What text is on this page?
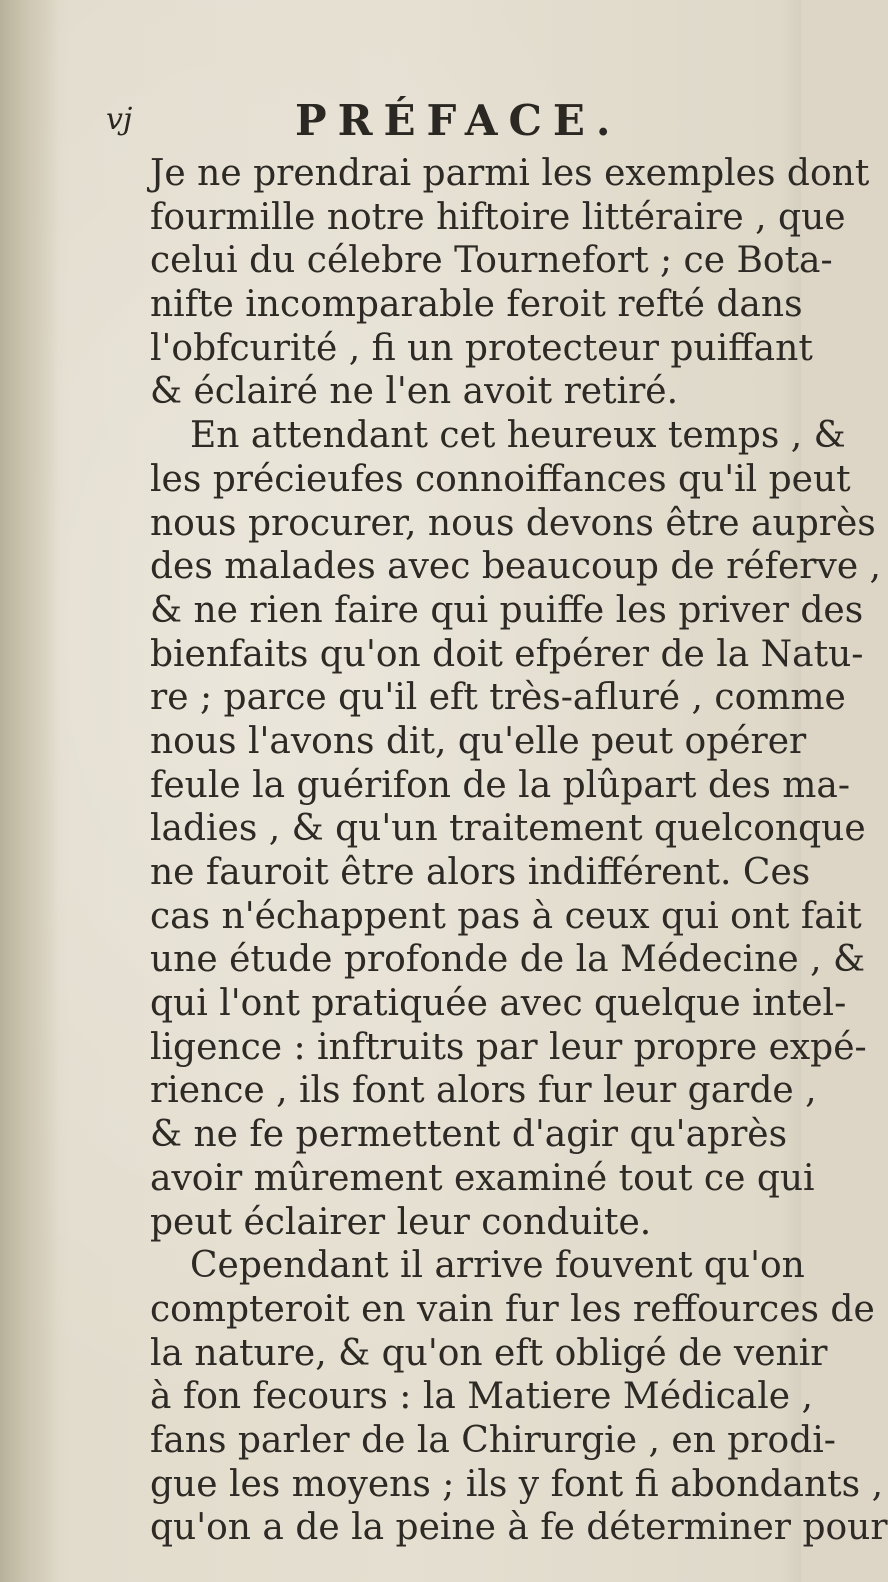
vj	PRÉFACE.
Je ne prendrai parmi les exemples dont
fourmille notre hiftoire littéraire , que
celui du célebre Tournefort ; ce Bota-
nifte incomparable feroit refté dans
l'obfcurité , fi un protecteur puiffant
& éclairé ne l'en avoit retiré.
En attendant cet heureux temps , &
les précieufes connoiffances qu'il peut
nous procurer, nous devons être auprès
des malades avec beaucoup de réferve ,
& ne rien faire qui puiffe les priver des
bienfaits qu'on doit efpérer de la Natu-
re ; parce qu'il eft très-afluré , comme
nous l'avons dit, qu'elle peut opérer
feule la guérifon de la plûpart des ma-
ladies , & qu'un traitement quelconque
ne fauroit être alors indifférent. Ces
cas n'échappent pas à ceux qui ont fait
une étude profonde de la Médecine , &
qui l'ont pratiquée avec quelque intel-
ligence : inftruits par leur propre expé-
rience , ils font alors fur leur garde ,
& ne fe permettent d'agir qu'après
avoir mûrement examiné tout ce qui
peut éclairer leur conduite.
Cependant il arrive fouvent qu'on
compteroit en vain fur les reffources de
la nature, & qu'on eft obligé de venir
à fon fecours : la Matiere Médicale ,
fans parler de la Chirurgie , en prodi-
gue les moyens ; ils y font fi abondants ,
qu'on a de la peine à fe déterminer pour
